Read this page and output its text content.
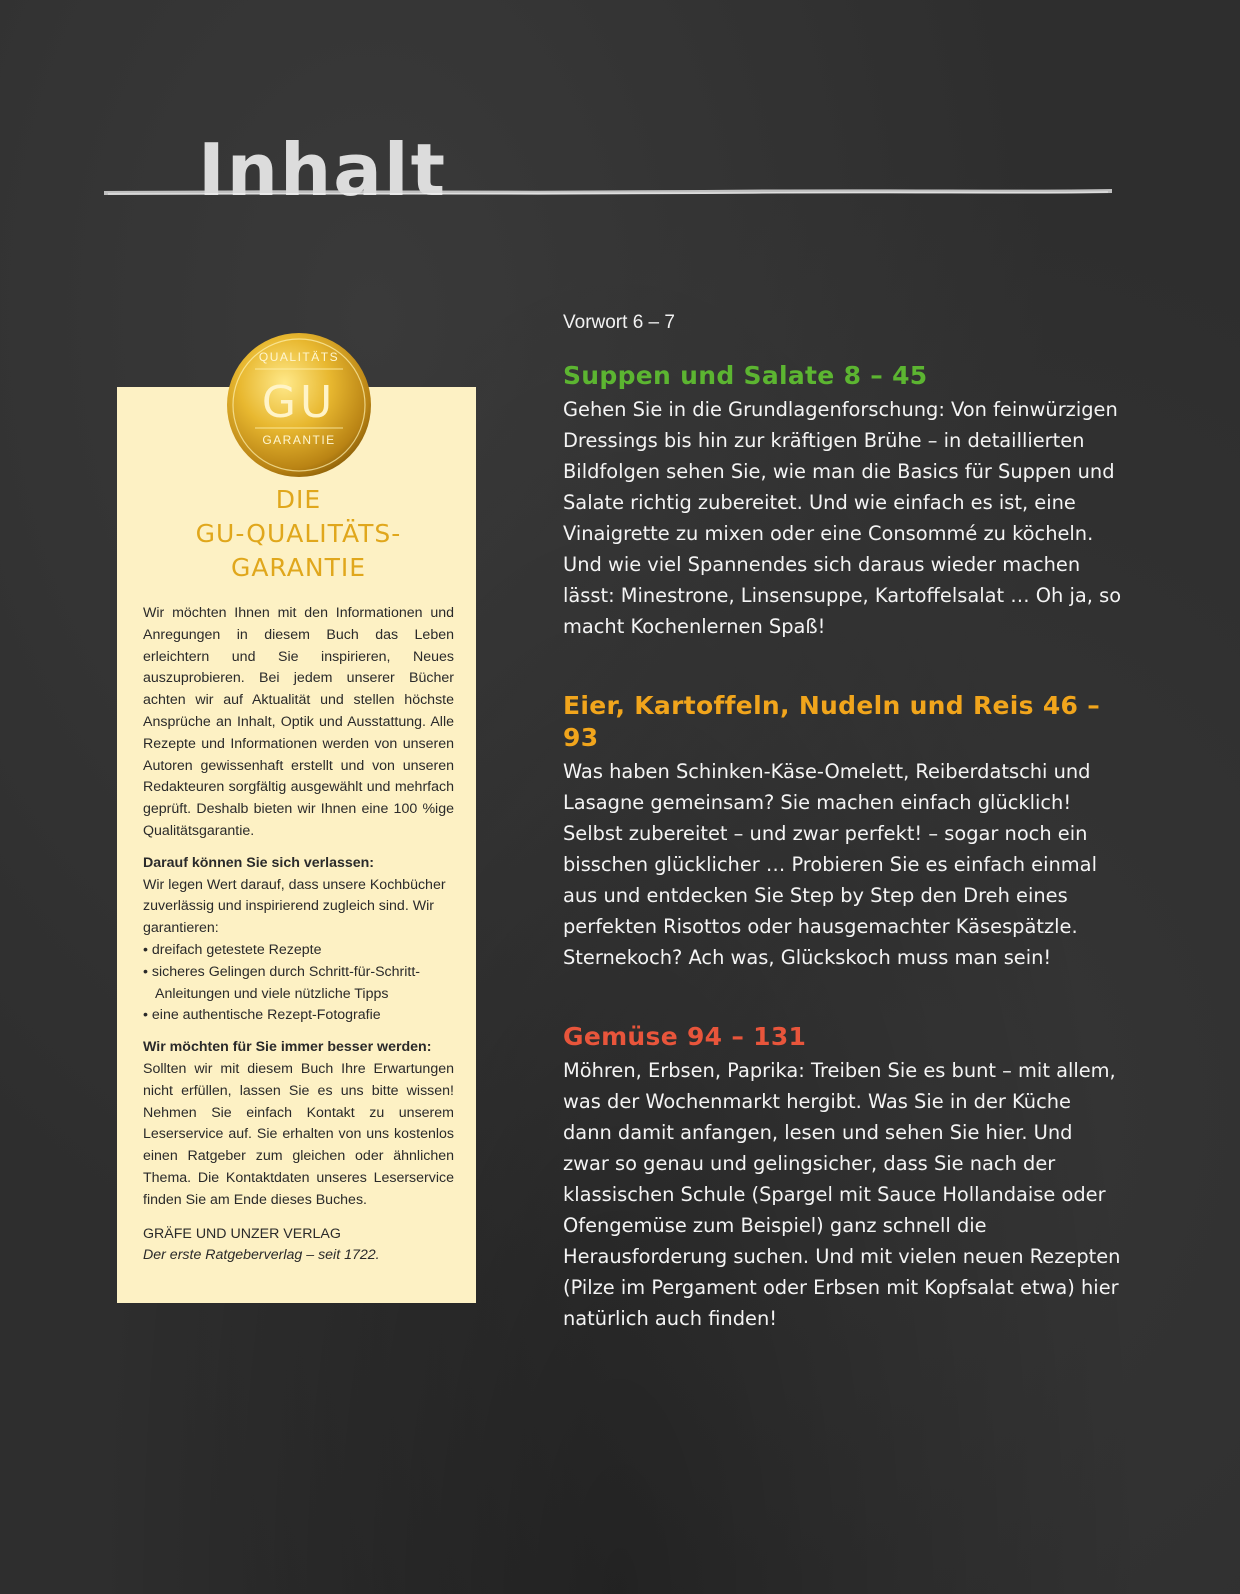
Inhalt
DIE
GU-QUALITÄTS-
GARANTIE

Wir möchten Ihnen mit den Informationen und Anregungen in diesem Buch das Leben erleichtern und Sie inspirieren, Neues auszuprobieren. Bei jedem unserer Bücher achten wir auf Aktualität und stellen höchste Ansprüche an Inhalt, Optik und Ausstattung. Alle Rezepte und Informationen werden von unseren Autoren gewissenhaft erstellt und von unseren Redakteuren sorgfältig ausgewählt und mehrfach geprüft. Deshalb bieten wir Ihnen eine 100 %ige Qualitätsgarantie.

Darauf können Sie sich verlassen:

Wir legen Wert darauf, dass unsere Kochbücher zuverlässig und inspirierend zugleich sind. Wir garantieren:

• dreifach getestete Rezepte
• sicheres Gelingen durch Schritt-für-Schritt-Anleitungen und viele nützliche Tipps
• eine authentische Rezept-Fotografie

Wir möchten für Sie immer besser werden:

Sollten wir mit diesem Buch Ihre Erwartungen nicht erfüllen, lassen Sie es uns bitte wissen! Nehmen Sie einfach Kontakt zu unserem Leserservice auf. Sie erhalten von uns kostenlos einen Ratgeber zum gleichen oder ähnlichen Thema. Die Kontaktdaten unseres Leserservice finden Sie am Ende dieses Buches.

GRÄFE UND UNZER VERLAG
Der erste Ratgeberverlag – seit 1722.
QUALITÄTS
GU
GARANTIE
Vorwort 6 – 7
Suppen und Salate 8 – 45

Gehen Sie in die Grundlagenforschung: Von feinwürzigen Dressings bis hin zur kräftigen Brühe – in detaillierten Bildfolgen sehen Sie, wie man die Basics für Suppen und Salate richtig zubereitet. Und wie einfach es ist, eine Vinaigrette zu mixen oder eine Consommé zu köcheln. Und wie viel Spannendes sich daraus wieder machen lässt: Minestrone, Linsensuppe, Kartoffelsalat … Oh ja, so macht Kochenlernen Spaß!

Eier, Kartoffeln, Nudeln und Reis 46 – 93

Was haben Schinken-Käse-Omelett, Reiberdatschi und Lasagne gemeinsam? Sie machen einfach glücklich! Selbst zubereitet – und zwar perfekt! – sogar noch ein bisschen glücklicher … Probieren Sie es einfach einmal aus und entdecken Sie Step by Step den Dreh eines perfekten Risottos oder hausgemachter Käsespätzle. Sternekoch? Ach was, Glückskoch muss man sein!

Gemüse 94 – 131

Möhren, Erbsen, Paprika: Treiben Sie es bunt – mit allem, was der Wochenmarkt hergibt. Was Sie in der Küche dann damit anfangen, lesen und sehen Sie hier. Und zwar so genau und gelingsicher, dass Sie nach der klassischen Schule (Spargel mit Sauce Hollandaise oder Ofengemüse zum Beispiel) ganz schnell die Herausforderung suchen. Und mit vielen neuen Rezepten (Pilze im Pergament oder Erbsen mit Kopfsalat etwa) hier natürlich auch finden!
